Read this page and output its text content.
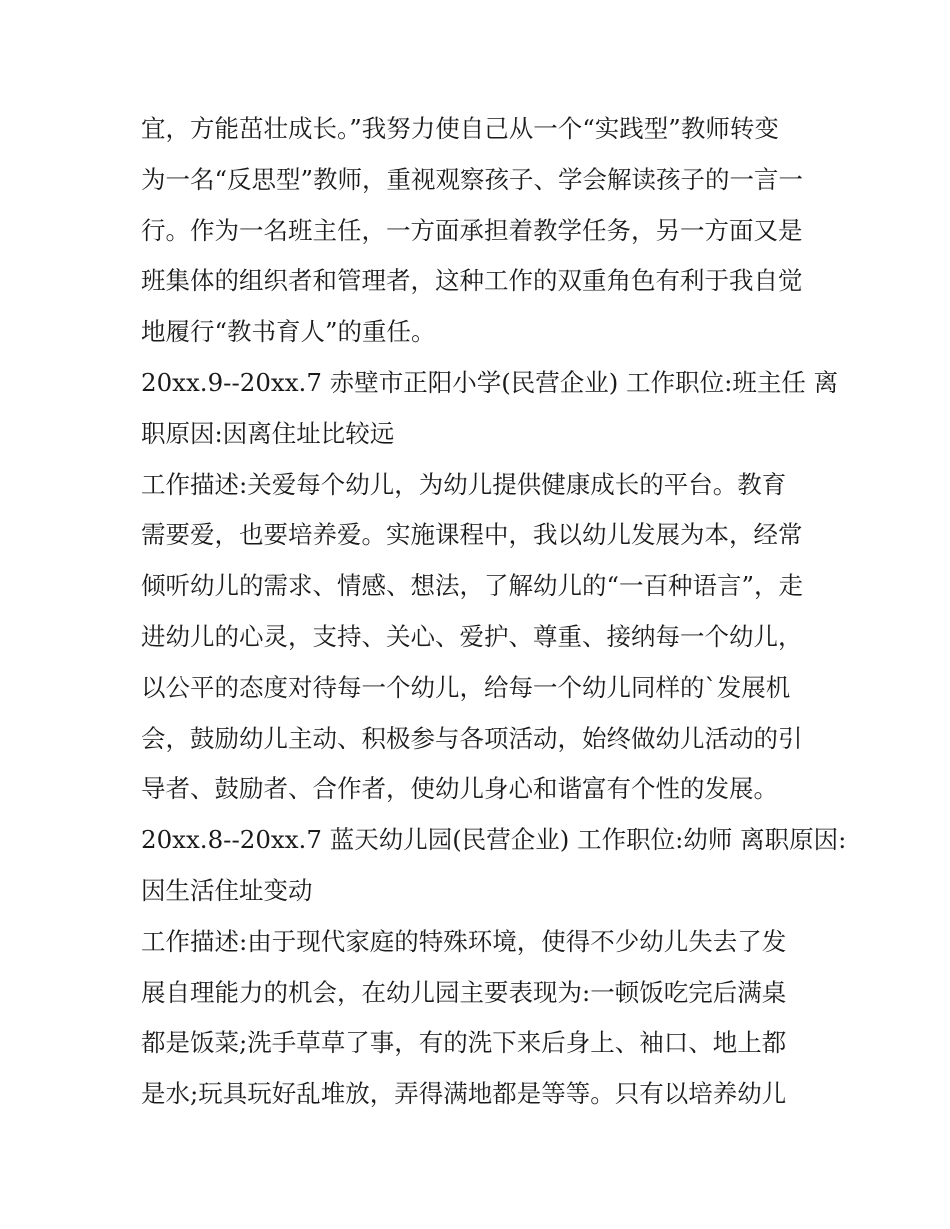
宜，方能茁壮成长。”我努力使自己从一个“实践型”教师转变
为一名“反思型”教师，重视观察孩子、学会解读孩子的一言一
行。作为一名班主任，一方面承担着教学任务，另一方面又是
班集体的组织者和管理者，这种工作的双重角色有利于我自觉
地履行“教书育人”的重任。

20xx.9--20xx.7 赤壁市正阳小学(民营企业) 工作职位:班主任 离
职原因:因离住址比较远

工作描述:关爱每个幼儿，为幼儿提供健康成长的平台。教育
需要爱，也要培养爱。实施课程中，我以幼儿发展为本，经常
倾听幼儿的需求、情感、想法，了解幼儿的“一百种语言”，走
进幼儿的心灵，支持、关心、爱护、尊重、接纳每一个幼儿，
以公平的态度对待每一个幼儿，给每一个幼儿同样的`发展机
会，鼓励幼儿主动、积极参与各项活动，始终做幼儿活动的引
导者、鼓励者、合作者，使幼儿身心和谐富有个性的发展。

20xx.8--20xx.7 蓝天幼儿园(民营企业) 工作职位:幼师 离职原因:
因生活住址变动

工作描述:由于现代家庭的特殊环境，使得不少幼儿失去了发
展自理能力的机会，在幼儿园主要表现为:一顿饭吃完后满桌
都是饭菜;洗手草草了事，有的洗下来后身上、袖口、地上都
是水;玩具玩好乱堆放，弄得满地都是等等。只有以培养幼儿
